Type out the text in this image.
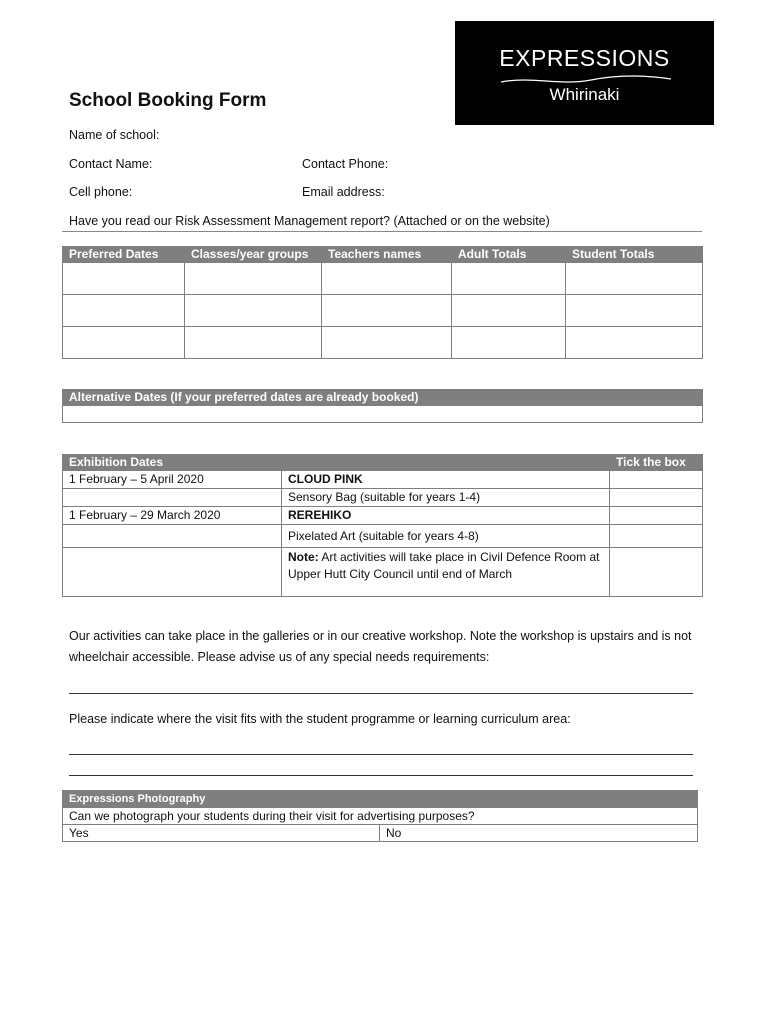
EXPRESSIONS
Whirinaki
School Booking Form
Name of school:
Contact Name:	Contact Phone:
Cell phone:	Email address:
Have you read our Risk Assessment Management report? (Attached or on the website)
Preferred Dates	Classes/year groups	Teachers names	Adult Totals	Student Totals

Alternative Dates (If your preferred dates are already booked)

Exhibition Dates		Tick the box
1 February – 5 April 2020	CLOUD PINK	
	Sensory Bag (suitable for years 1-4)	
1 February – 29 March 2020	REREHIKO	
	Pixelated Art (suitable for years 4-8)	
	Note: Art activities will take place in Civil Defence Room at Upper Hutt City Council until end of March	
Our activities can take place in the galleries or in our creative workshop. Note the workshop is upstairs and is not wheelchair accessible. Please advise us of any special needs requirements:
Please indicate where the visit fits with the student programme or learning curriculum area:
Expressions Photography
Can we photograph your students during their visit for advertising purposes?
Yes	No
